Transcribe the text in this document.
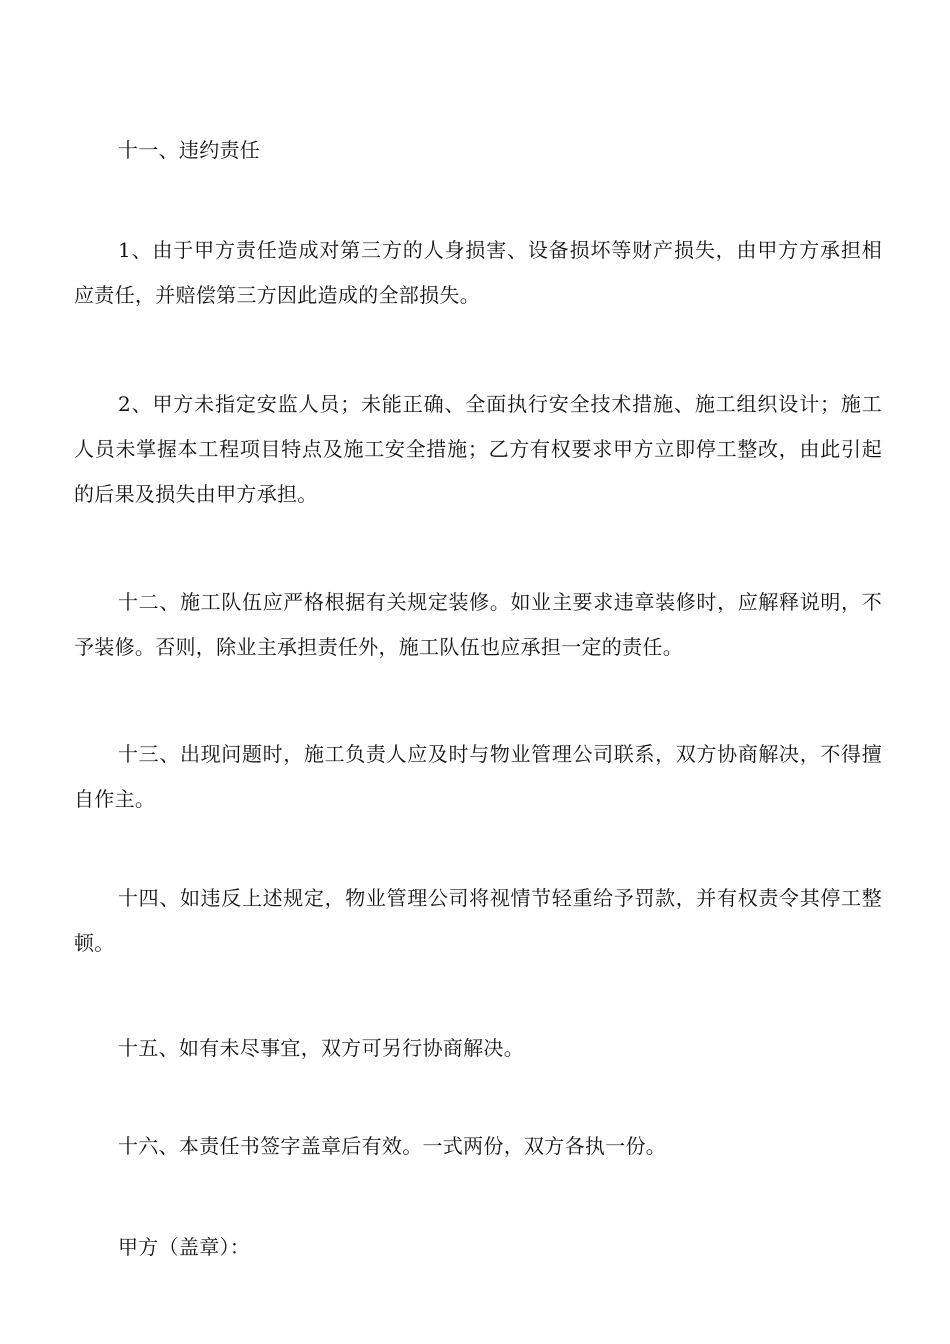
十一、违约责任

1、由于甲方责任造成对第三方的人身损害、设备损坏等财产损失，由甲方方承担相应责任，并赔偿第三方因此造成的全部损失。

2、甲方未指定安监人员；未能正确、全面执行安全技术措施、施工组织设计；施工人员未掌握本工程项目特点及施工安全措施；乙方有权要求甲方立即停工整改，由此引起的后果及损失由甲方承担。

十二、施工队伍应严格根据有关规定装修。如业主要求违章装修时，应解释说明，不予装修。否则，除业主承担责任外，施工队伍也应承担一定的责任。

十三、出现问题时，施工负责人应及时与物业管理公司联系，双方协商解决，不得擅自作主。

十四、如违反上述规定，物业管理公司将视情节轻重给予罚款，并有权责令其停工整顿。

十五、如有未尽事宜，双方可另行协商解决。

十六、本责任书签字盖章后有效。一式两份，双方各执一份。

甲方（盖章）：
